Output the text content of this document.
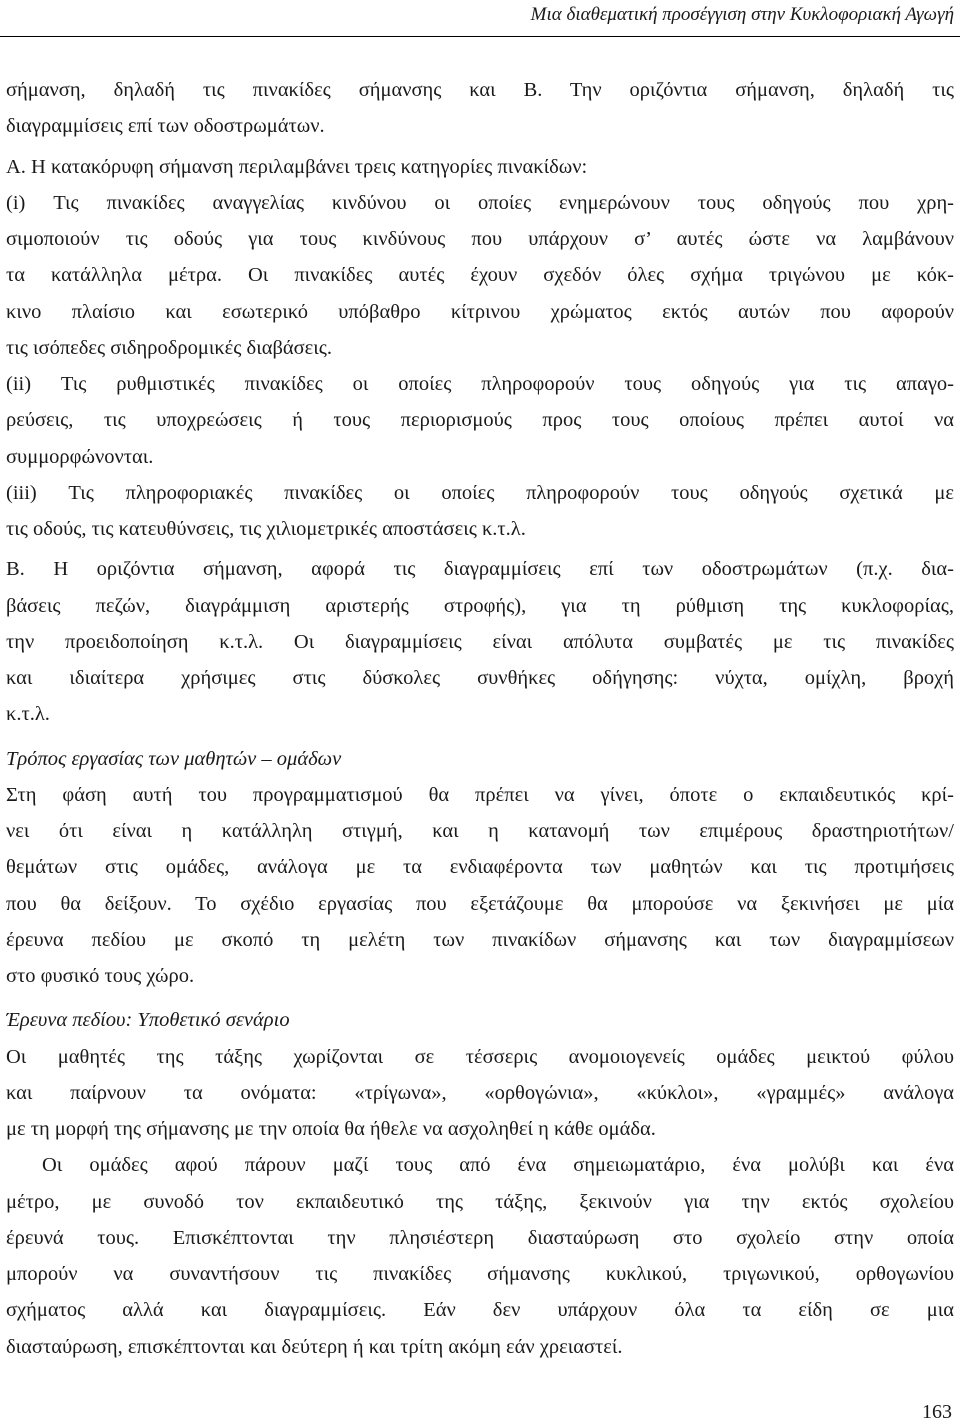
Μια διαθεματική προσέγγιση στην Κυκλοφοριακή Αγωγή
σήμανση, δηλαδή τις πινακίδες σήμανσης και Β. Την οριζόντια σήμανση, δηλαδή τις
διαγραμμίσεις επί των οδοστρωμάτων.
Α. Η κατακόρυφη σήμανση περιλαμβάνει τρεις κατηγορίες πινακίδων:
(i) Τις πινακίδες αναγγελίας κινδύνου οι οποίες ενημερώνουν τους οδηγούς που χρη-
σιμοποιούν τις οδούς για τους κινδύνους που υπάρχουν σ’ αυτές ώστε να λαμβάνουν
τα κατάλληλα μέτρα. Οι πινακίδες αυτές έχουν σχεδόν όλες σχήμα τριγώνου με κόκ-
κινο πλαίσιο και εσωτερικό υπόβαθρο κίτρινου χρώματος εκτός αυτών που αφορούν
τις ισόπεδες σιδηροδρομικές διαβάσεις.
(ii) Τις ρυθμιστικές πινακίδες οι οποίες πληροφορούν τους οδηγούς για τις απαγο-
ρεύσεις, τις υποχρεώσεις ή τους περιορισμούς προς τους οποίους πρέπει αυτοί να
συμμορφώνονται.
(iii) Τις πληροφοριακές πινακίδες οι οποίες πληροφορούν τους οδηγούς σχετικά με
τις οδούς, τις κατευθύνσεις, τις χιλιομετρικές αποστάσεις κ.τ.λ.
Β. Η οριζόντια σήμανση, αφορά τις διαγραμμίσεις επί των οδοστρωμάτων (π.χ. δια-
βάσεις πεζών, διαγράμμιση αριστερής στροφής), για τη ρύθμιση της κυκλοφορίας,
την προειδοποίηση κ.τ.λ. Οι διαγραμμίσεις είναι απόλυτα συμβατές με τις πινακίδες
και ιδιαίτερα χρήσιμες στις δύσκολες συνθήκες οδήγησης: νύχτα, ομίχλη, βροχή
κ.τ.λ.
Τρόπος εργασίας των μαθητών – ομάδων
Στη φάση αυτή του προγραμματισμού θα πρέπει να γίνει, όποτε ο εκπαιδευτικός κρί-
νει ότι είναι η κατάλληλη στιγμή, και η κατανομή των επιμέρους δραστηριοτήτων/
θεμάτων στις ομάδες, ανάλογα με τα ενδιαφέροντα των μαθητών και τις προτιμήσεις
που θα δείξουν. Το σχέδιο εργασίας που εξετάζουμε θα μπορούσε να ξεκινήσει με μία
έρευνα πεδίου με σκοπό τη μελέτη των πινακίδων σήμανσης και των διαγραμμίσεων
στο φυσικό τους χώρο.
Έρευνα πεδίου: Υποθετικό σενάριο
Οι μαθητές της τάξης χωρίζονται σε τέσσερις ανομοιογενείς ομάδες μεικτού φύλου
και παίρνουν τα ονόματα: «τρίγωνα», «ορθογώνια», «κύκλοι», «γραμμές» ανάλογα
με τη μορφή της σήμανσης με την οποία θα ήθελε να ασχοληθεί η κάθε ομάδα.
Οι ομάδες αφού πάρουν μαζί τους από ένα σημειωματάριο, ένα μολύβι και ένα
μέτρο, με συνοδό τον εκπαιδευτικό της τάξης, ξεκινούν για την εκτός σχολείου
έρευνά τους. Επισκέπτονται την πλησιέστερη διασταύρωση στο σχολείο στην οποία
μπορούν να συναντήσουν τις πινακίδες σήμανσης κυκλικού, τριγωνικού, ορθογωνίου
σχήματος αλλά και διαγραμμίσεις. Εάν δεν υπάρχουν όλα τα είδη σε μια
διασταύρωση, επισκέπτονται και δεύτερη ή και τρίτη ακόμη εάν χρειαστεί.
163
